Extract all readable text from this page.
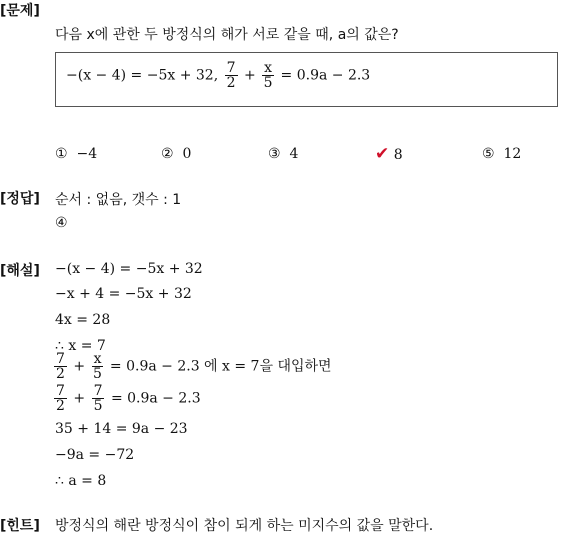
[문제]
다음 x에 관한 두 방정식의 해가 서로 같을 때, a의 값은?
−(x − 4) = −5x + 32, $\frac{7}{2} + \frac{x}{5} = 0.9a - 2.3$
① −4	② 0	③ 4	✔ 8	⑤ 12
[정답] 순서 : 없음, 갯수 : 1
④
[해설] −(x − 4) = −5x + 32
−x + 4 = −5x + 32
4x = 28
∴ x = 7
$\frac{7}{2} + \frac{x}{5} = 0.9a - 2.3$ 에 x = 7을 대입하면
$\frac{7}{2} + \frac{7}{5} = 0.9a - 2.3$
35 + 14 = 9a − 23
−9a = −72
∴ a = 8
[힌트] 방정식의 해란 방정식이 참이 되게 하는 미지수의 값을 말한다.
